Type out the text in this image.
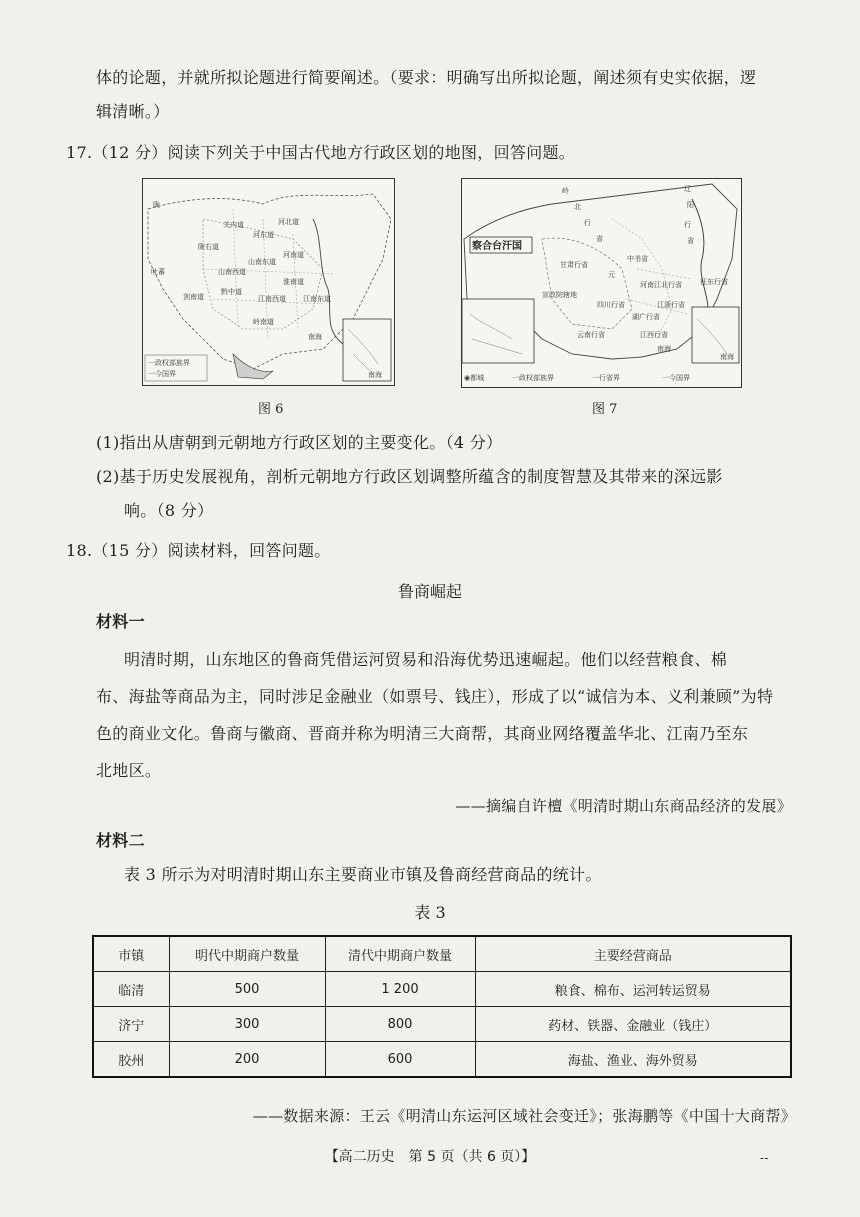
体的论题，并就所拟论题进行简要阐述。（要求：明确写出所拟论题，阐述须有史实依据，逻
辑清晰。）
17.（12 分）阅读下列关于中国古代地方行政区划的地图，回答问题。
南海
陇
吐蕃
关内道	河北道
河东道
陇右道
河南道
山南东道
山南西道
淮南道
剑南道	江南西道 江南东道
黔中道
岭南道
南海
一政权部族界
一今国界
图 6
南海
岭
北
行
省
辽
阳
行
省
察合台汗国
中书省
甘肃行省
宣政院辖地
元
河南江北行省
四川行省
湖广行省
云南行省
江浙行省
江西行省
南海
征东行省
◉都城	一政权部族界	一行省界	一今国界
图 7
(1)指出从唐朝到元朝地方行政区划的主要变化。（4 分）
(2)基于历史发展视角，剖析元朝地方行政区划调整所蕴含的制度智慧及其带来的深远影
响。（8 分）
18.（15 分）阅读材料，回答问题。
鲁商崛起
材料一
明清时期，山东地区的鲁商凭借运河贸易和沿海优势迅速崛起。他们以经营粮食、棉
布、海盐等商品为主，同时涉足金融业（如票号、钱庄），形成了以“诚信为本、义利兼顾”为特
色的商业文化。鲁商与徽商、晋商并称为明清三大商帮，其商业网络覆盖华北、江南乃至东
北地区。
——摘编自许檀《明清时期山东商品经济的发展》
材料二
表 3 所示为对明清时期山东主要商业市镇及鲁商经营商品的统计。
表 3
市镇	明代中期商户数量	清代中期商户数量	主要经营商品
临清	500	1 200	粮食、棉布、运河转运贸易
济宁	300	800	药材、铁器、金融业（钱庄）
胶州	200	600	海盐、渔业、海外贸易
——数据来源：王云《明清山东运河区域社会变迁》；张海鹏等《中国十大商帮》
【高二历史　第 5 页（共 6 页）】	--
